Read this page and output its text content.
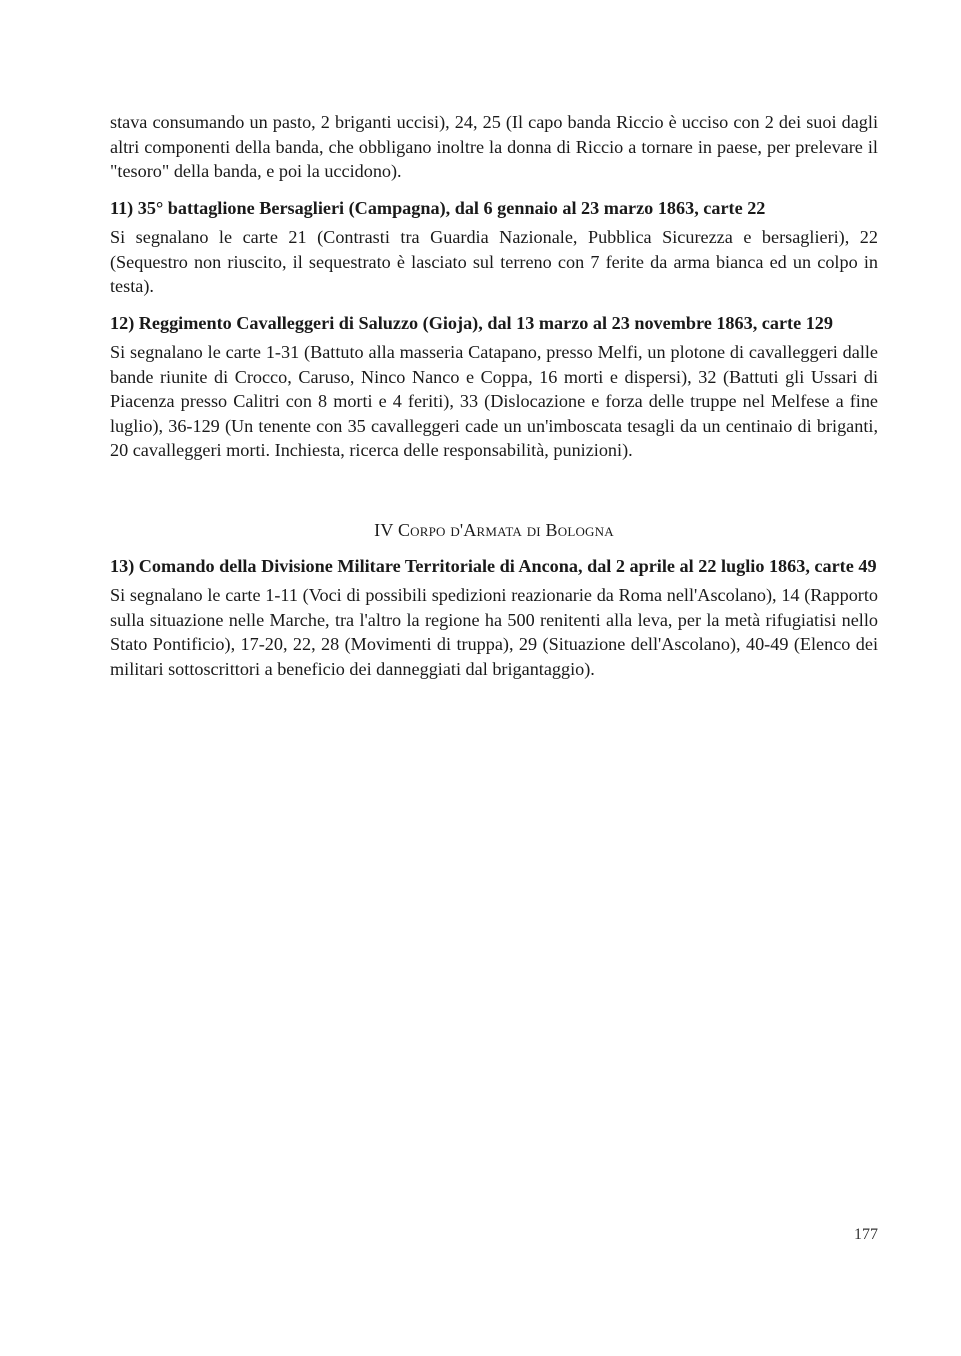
stava consumando un pasto, 2 briganti uccisi), 24, 25 (Il capo banda Riccio è ucciso con 2 dei suoi dagli altri componenti della banda, che obbligano inoltre la donna di Riccio a tornare in paese, per prelevare il "tesoro" della banda, e poi la uccidono).

11) 35° battaglione Bersaglieri (Campagna), dal 6 gennaio al 23 marzo 1863, carte 22

Si segnalano le carte 21 (Contrasti tra Guardia Nazionale, Pubblica Sicurezza e bersaglieri), 22 (Sequestro non riuscito, il sequestrato è lasciato sul terreno con 7 ferite da arma bianca ed un colpo in testa).

12) Reggimento Cavalleggeri di Saluzzo (Gioja), dal 13 marzo al 23 novembre 1863, carte 129

Si segnalano le carte 1-31 (Battuto alla masseria Catapano, presso Melfi, un plotone di cavalleggeri dalle bande riunite di Crocco, Caruso, Ninco Nanco e Coppa, 16 morti e dispersi), 32 (Battuti gli Ussari di Piacenza presso Calitri con 8 morti e 4 feriti), 33 (Dislocazione e forza delle truppe nel Melfese a fine luglio), 36-129 (Un tenente con 35 cavalleggeri cade un un'imboscata tesagli da un centinaio di briganti, 20 cavalleggeri morti. Inchiesta, ricerca delle responsabilità, punizioni).

IV Corpo d'Armata di Bologna
13) Comando della Divisione Militare Territoriale di Ancona, dal 2 aprile al 22 luglio 1863, carte 49

Si segnalano le carte 1-11 (Voci di possibili spedizioni reazionarie da Roma nell'Ascolano), 14 (Rapporto sulla situazione nelle Marche, tra l'altro la regione ha 500 renitenti alla leva, per la metà rifugiatisi nello Stato Pontificio), 17-20, 22, 28 (Movimenti di truppa), 29 (Situazione dell'Ascolano), 40-49 (Elenco dei militari sottoscrittori a beneficio dei danneggiati dal brigantaggio).

177
